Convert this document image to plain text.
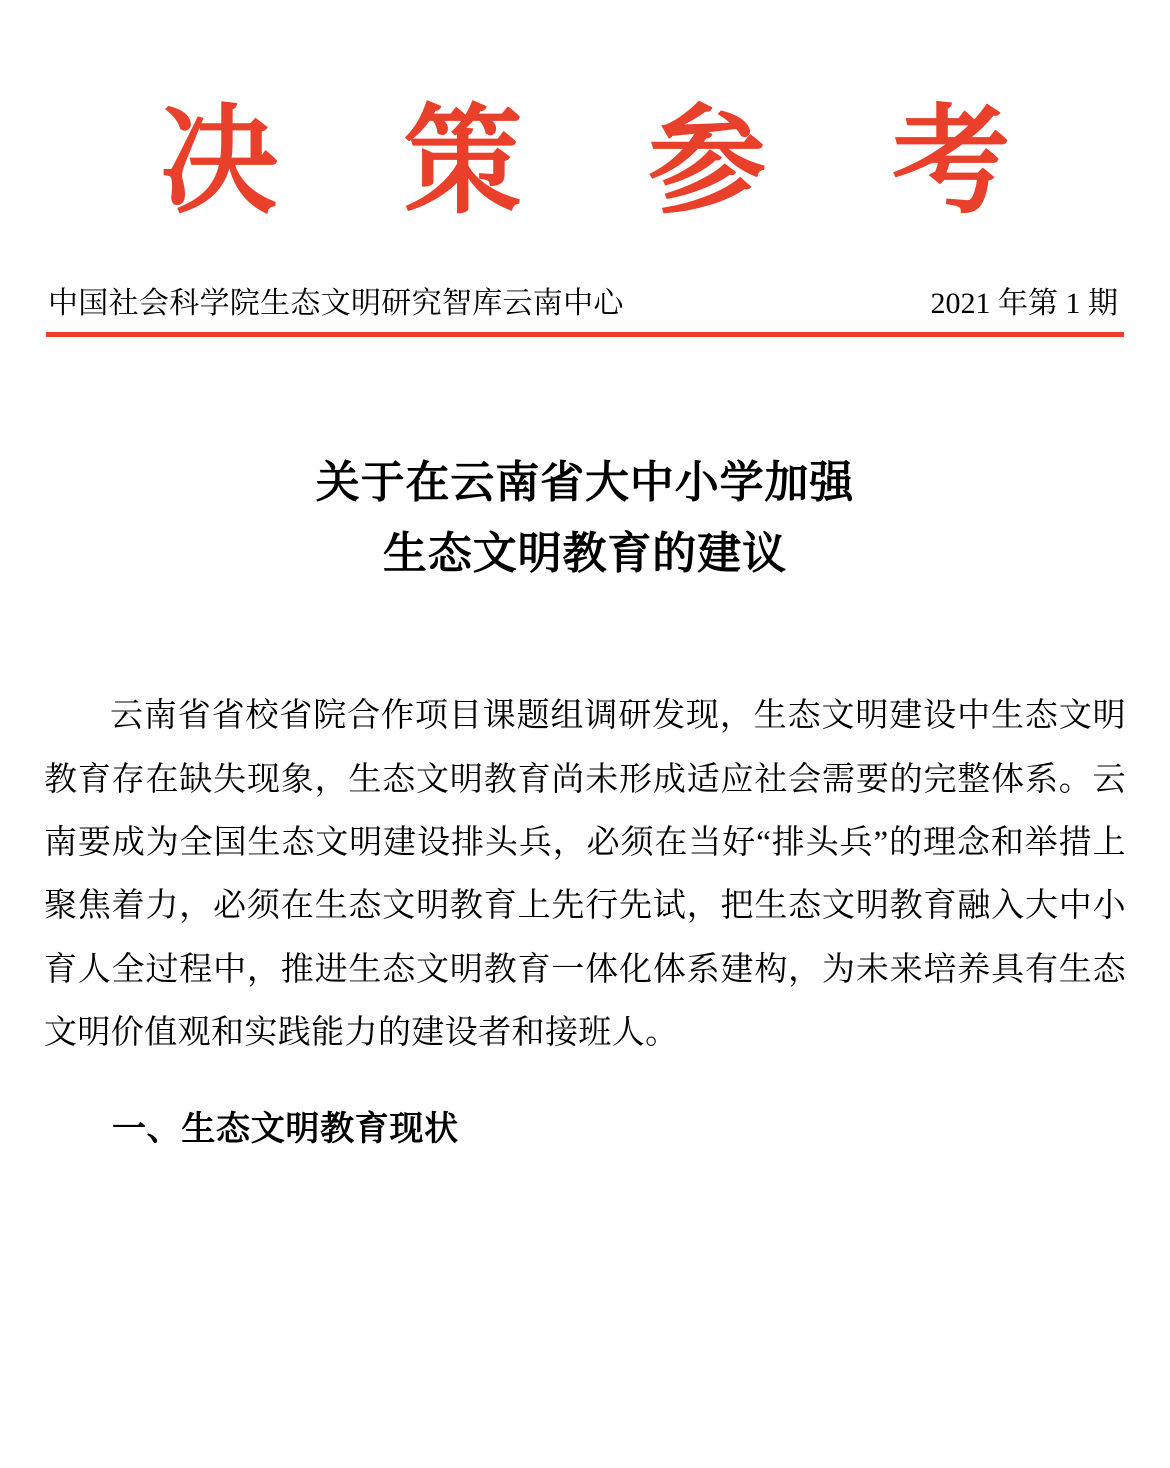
决 策 参 考
中国社会科学院生态文明研究智库云南中心	2021 年第 1 期
关于在云南省大中小学加强
生态文明教育的建议

云南省省校省院合作项目课题组调研发现，生态文明建设中生态文明教育存在缺失现象，生态文明教育尚未形成适应社会需要的完整体系。云南要成为全国生态文明建设排头兵，必须在当好“排头兵”的理念和举措上聚焦着力，必须在生态文明教育上先行先试，把生态文明教育融入大中小育人全过程中，推进生态文明教育一体化体系建构，为未来培养具有生态文明价值观和实践能力的建设者和接班人。

一、生态文明教育现状
